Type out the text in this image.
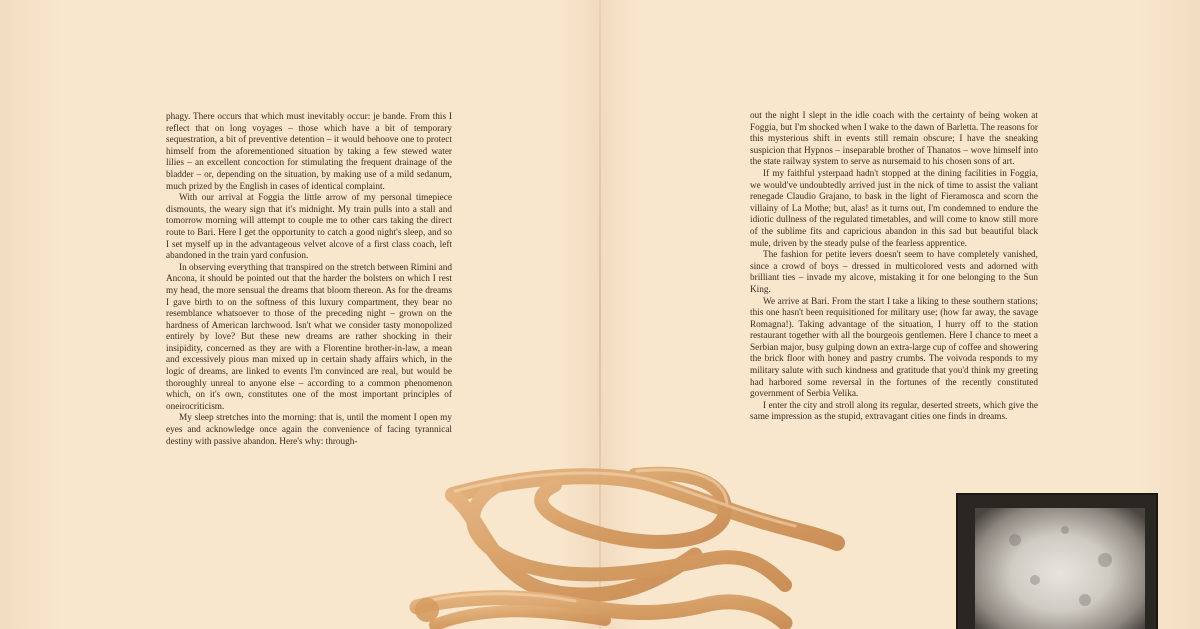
phagy. There occurs that which must inevitably occur: je bande. From this I reflect that on long voyages – those which have a bit of temporary sequestration, a bit of preventive detention – it would behoove one to protect himself from the aforementioned situation by taking a few stewed water lilies – an excellent concoction for stimulating the frequent drainage of the bladder – or, depending on the situation, by making use of a mild sedanum, much prized by the English in cases of identical complaint.

With our arrival at Foggia the little arrow of my personal timepiece dismounts, the weary sign that it's midnight. My train pulls into a stall and tomorrow morning will attempt to couple me to other cars taking the direct route to Bari. Here I get the opportunity to catch a good night's sleep, and so I set myself up in the advantageous velvet alcove of a first class coach, left abandoned in the train yard confusion.

In observing everything that transpired on the stretch between Rimini and Ancona, it should be pointed out that the harder the bolsters on which I rest my head, the more sensual the dreams that bloom thereon. As for the dreams I gave birth to on the softness of this luxury compartment, they bear no resemblance whatsoever to those of the preceding night – grown on the hardness of American larchwood. Isn't what we consider tasty monopolized entirely by love? But these new dreams are rather shocking in their insipidity, concerned as they are with a Florentine brother-in-law, a mean and excessively pious man mixed up in certain shady affairs which, in the logic of dreams, are linked to events I'm convinced are real, but would be thoroughly unreal to anyone else – according to a common phenomenon which, on it's own, constitutes one of the most important principles of oneirocriticism.

My sleep stretches into the morning: that is, until the moment I open my eyes and acknowledge once again the convenience of facing tyrannical destiny with passive abandon. Here's why: through-

out the night I slept in the idle coach with the certainty of being woken at Foggia, but I'm shocked when I wake to the dawn of Barletta. The reasons for this mysterious shift in events still remain obscure; I have the sneaking suspicion that Hypnos – inseparable brother of Thanatos – wove himself into the state railway system to serve as nursemaid to his chosen sons of art.

If my faithful ysterpaad hadn't stopped at the dining facilities in Foggia, we would've undoubtedly arrived just in the nick of time to assist the valiant renegade Claudio Grajano, to bask in the light of Fieramosca and scorn the villainy of La Mothe; but, alas! as it turns out, I'm condemned to endure the idiotic dullness of the regulated timetables, and will come to know still more of the sublime fits and capricious abandon in this sad but beautiful black mule, driven by the steady pulse of the fearless apprentice.

The fashion for petite levers doesn't seem to have completely vanished, since a crowd of boys – dressed in multicolored vests and adorned with brilliant ties – invade my alcove, mistaking it for one belonging to the Sun King.

We arrive at Bari. From the start I take a liking to these southern stations; this one hasn't been requisitioned for military use; (how far away, the savage Romagna!). Taking advantage of the situation, I hurry off to the station restaurant together with all the bourgeois gentlemen. Here I chance to meet a Serbian major, busy gulping down an extra-large cup of coffee and showering the brick floor with honey and pastry crumbs. The voivoda responds to my military salute with such kindness and gratitude that you'd think my greeting had harbored some reversal in the fortunes of the recently constituted government of Serbia Velika.

I enter the city and stroll along its regular, deserted streets, which give the same impression as the stupid, extravagant cities one finds in dreams.
